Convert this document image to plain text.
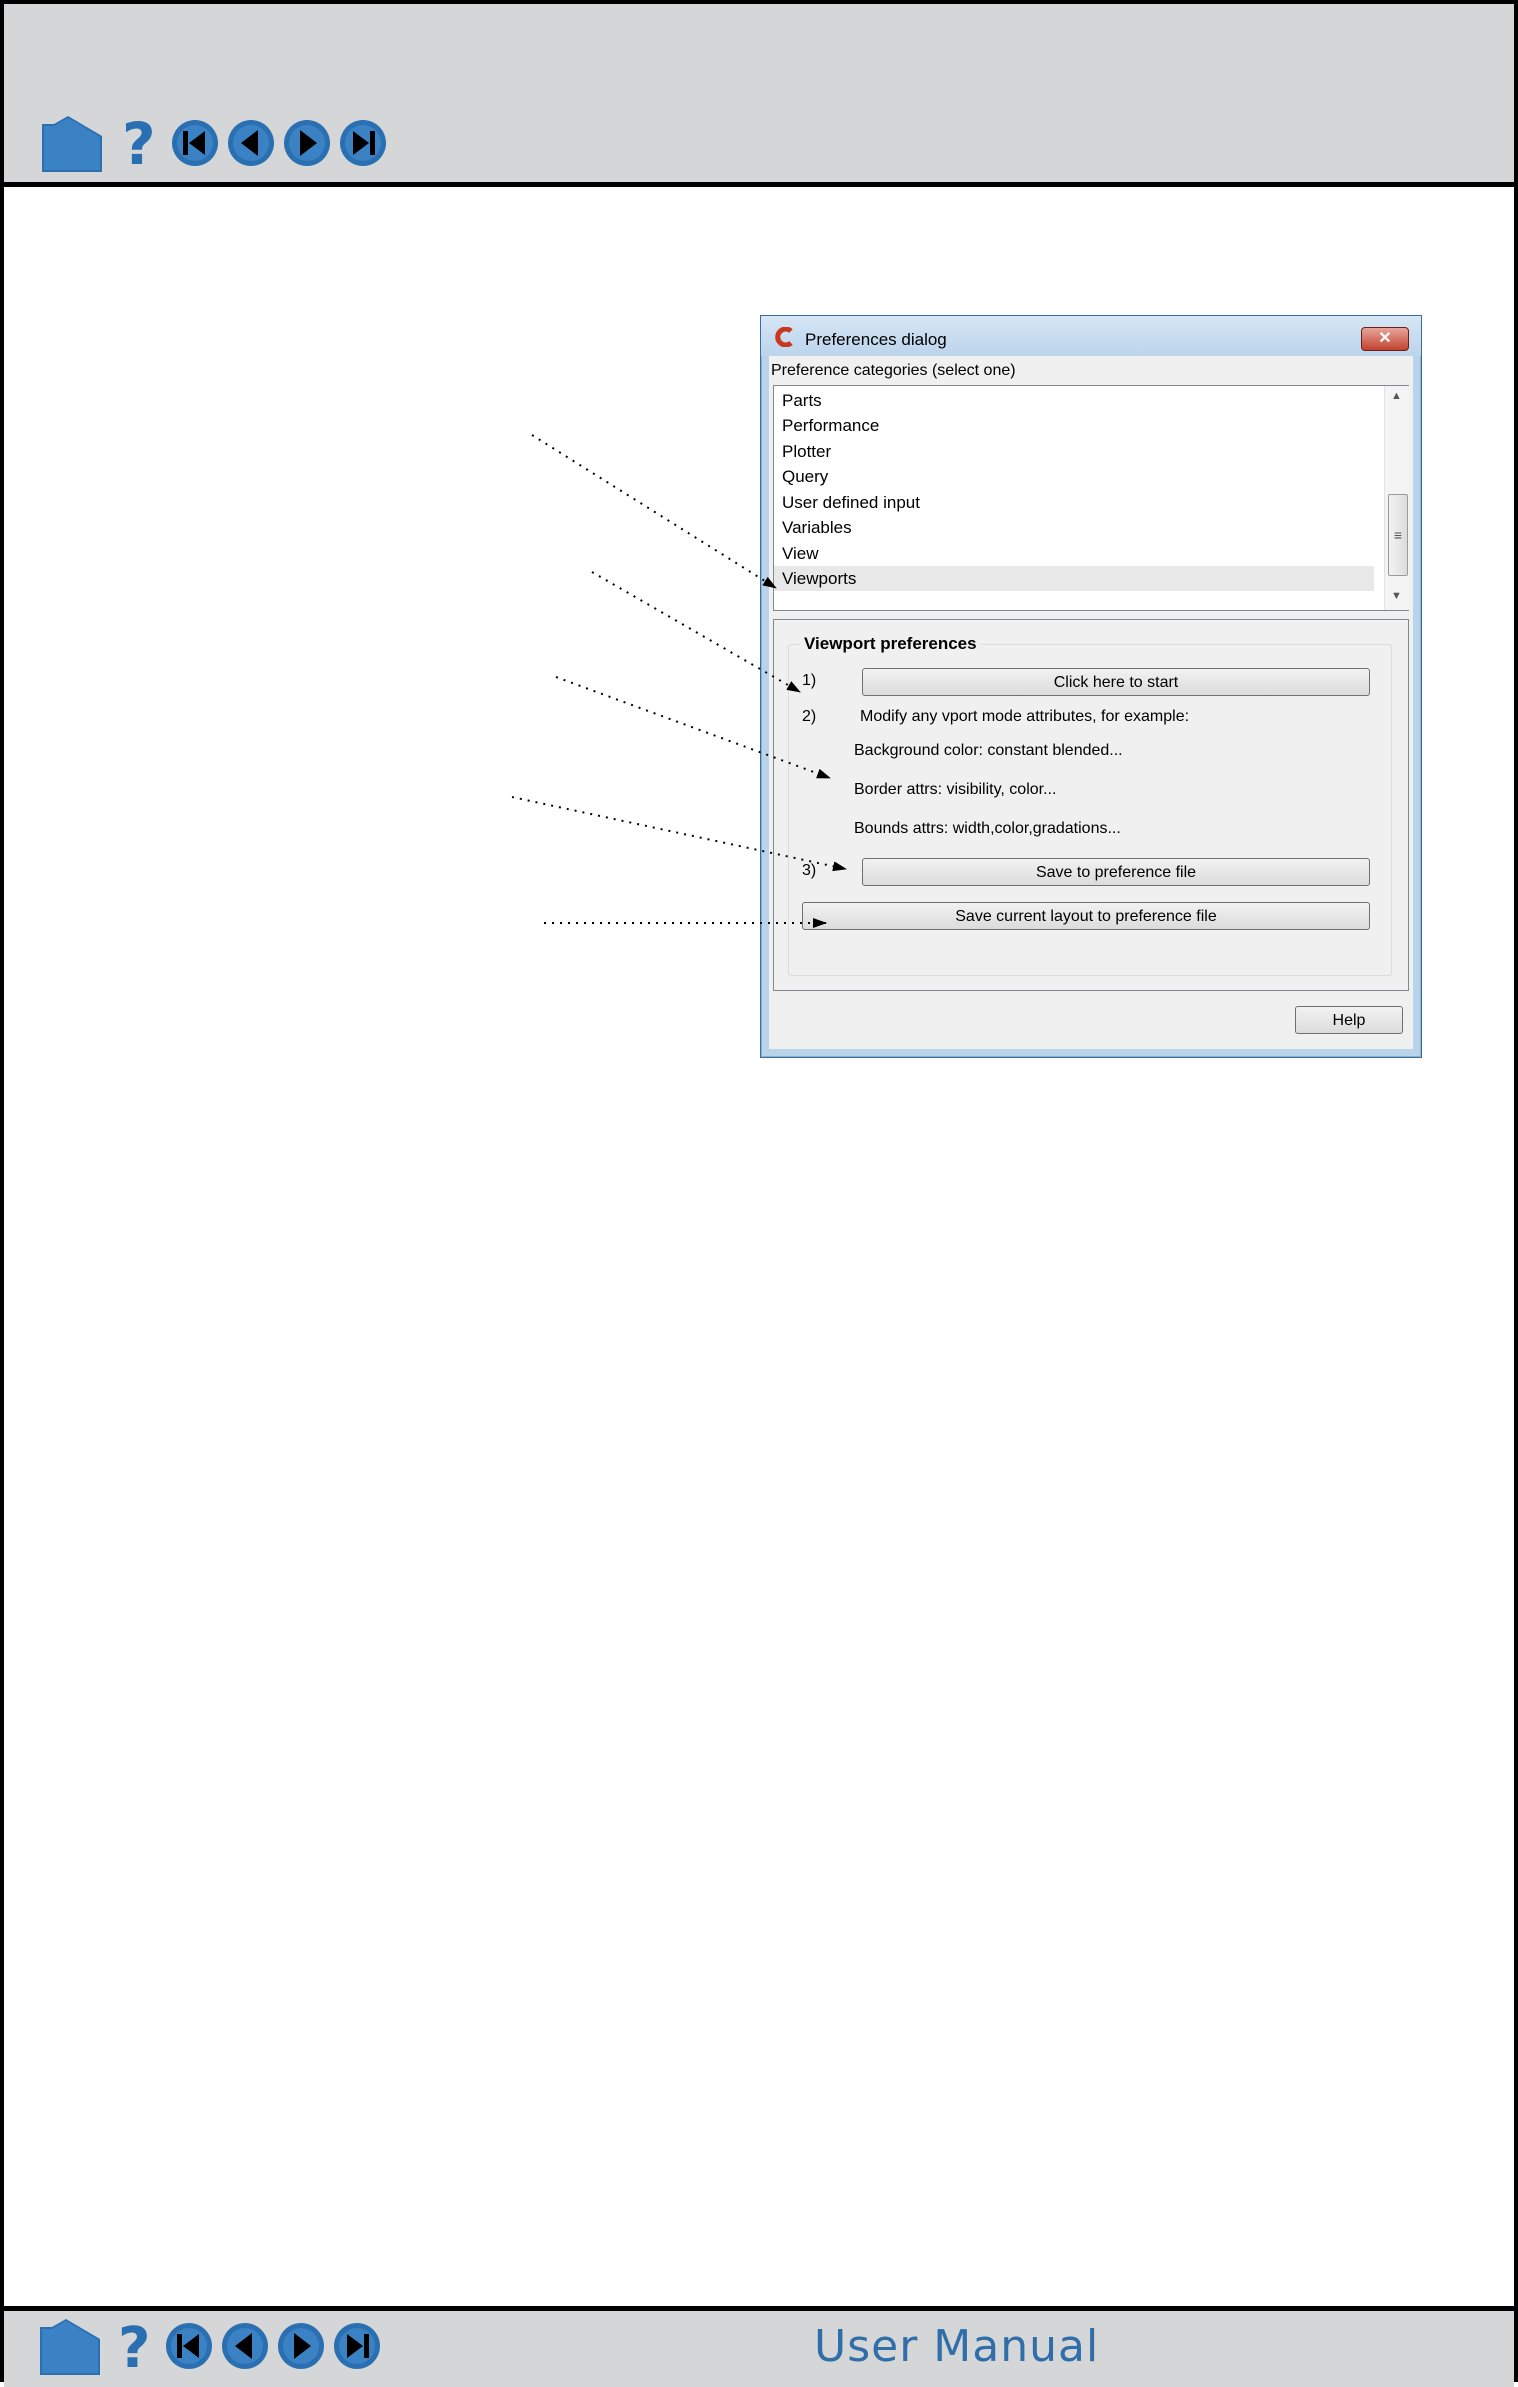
?
Preferences dialog	✕
Preference categories (select one)
Parts
Performance
Plotter
Query
User defined input
Variables
View
Viewports
▲
≡
▼
Viewport preferences
1)	Click here to start
2)	Modify any vport mode attributes, for example:
Background color: constant blended...
Border attrs: visibility, color...
Bounds attrs: width,color,gradations...
3)	Save to preference file
Save current layout to preference file
Help
?	User Manual
